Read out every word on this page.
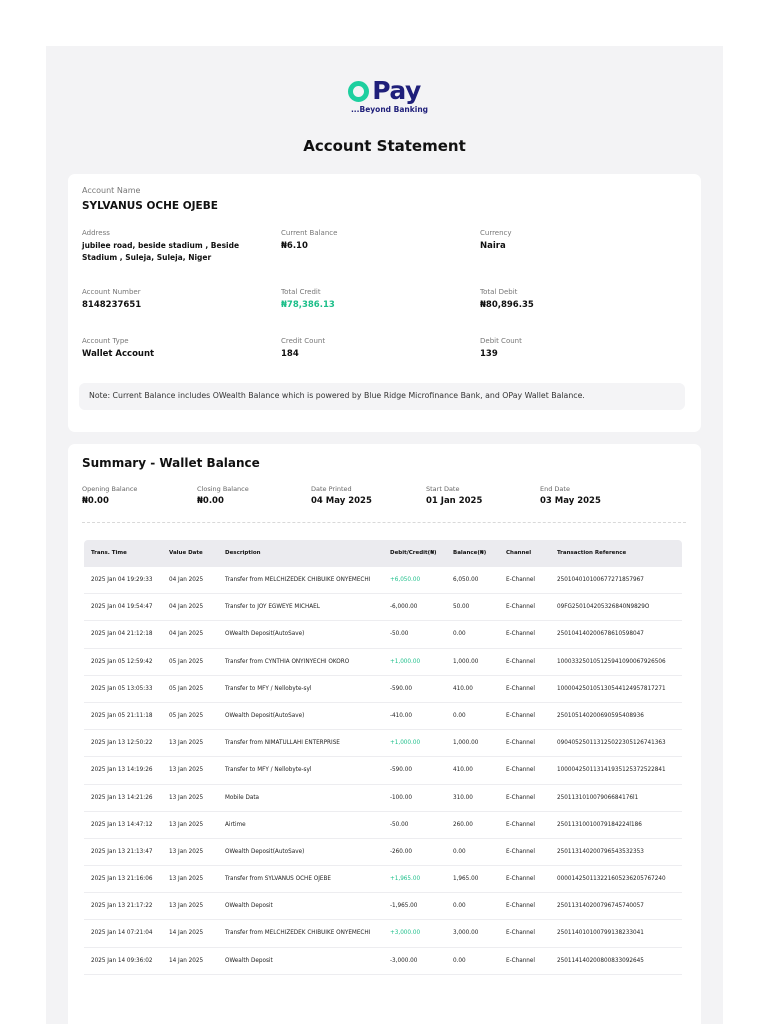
Pay
...Beyond Banking
Account Statement
Account Name
SYLVANUS OCHE OJEBE
Address
jubilee road, beside stadium , Beside Stadium , Suleja, Suleja, Niger
Current Balance
₦6.10
Currency
Naira
Account Number
8148237651
Total Credit
₦78,386.13
Total Debit
₦80,896.35
Account Type
Wallet Account
Credit Count
184
Debit Count
139
Note: Current Balance includes OWealth Balance which is powered by Blue Ridge Microfinance Bank, and OPay Wallet Balance.
Summary - Wallet Balance
Opening Balance
₦0.00
Closing Balance
₦0.00
Date Printed
04 May 2025
Start Date
01 Jan 2025
End Date
03 May 2025
Trans. Time	Value Date	Description	Debit/Credit(₦)	Balance(₦)	Channel	Transaction Reference
2025 Jan 04 19:29:33	04 Jan 2025	Transfer from MELCHIZEDEK CHIBUIKE ONYEMECHI	+6,050.00	6,050.00	E-Channel	250104010100677271857967
2025 Jan 04 19:54:47	04 Jan 2025	Transfer to JOY EGWEYE MICHAEL	-6,000.00	50.00	E-Channel	09FG250104205326840N9829O
2025 Jan 04 21:12:18	04 Jan 2025	OWealth Deposit(AutoSave)	-50.00	0.00	E-Channel	250104140200678610598047
2025 Jan 05 12:59:42	05 Jan 2025	Transfer from CYNTHIA ONYINYECHI OKORO	+1,000.00	1,000.00	E-Channel	100033250105125941090067926506
2025 Jan 05 13:05:33	05 Jan 2025	Transfer to MFY / Nellobyte-syl	-590.00	410.00	E-Channel	100004250105130544124957817271
2025 Jan 05 21:11:18	05 Jan 2025	OWealth Deposit(AutoSave)	-410.00	0.00	E-Channel	250105140200690595408936
2025 Jan 13 12:50:22	13 Jan 2025	Transfer from NIMATULLAHI ENTERPRISE	+1,000.00	1,000.00	E-Channel	090405250113125022305126741363
2025 Jan 13 14:19:26	13 Jan 2025	Transfer to MFY / Nellobyte-syl	-590.00	410.00	E-Channel	100004250113141935125372522841
2025 Jan 13 14:21:26	13 Jan 2025	Mobile Data	-100.00	310.00	E-Channel	250113101007906684176l1
2025 Jan 13 14:47:12	13 Jan 2025	Airtime	-50.00	260.00	E-Channel	25011310010079184224l186
2025 Jan 13 21:13:47	13 Jan 2025	OWealth Deposit(AutoSave)	-260.00	0.00	E-Channel	250113140200796543532353
2025 Jan 13 21:16:06	13 Jan 2025	Transfer from SYLVANUS OCHE OJEBE	+1,965.00	1,965.00	E-Channel	000014250113221605236205767240
2025 Jan 13 21:17:22	13 Jan 2025	OWealth Deposit	-1,965.00	0.00	E-Channel	250113140200796745740057
2025 Jan 14 07:21:04	14 Jan 2025	Transfer from MELCHIZEDEK CHIBUIKE ONYEMECHI	+3,000.00	3,000.00	E-Channel	250114010100799138233041
2025 Jan 14 09:36:02	14 Jan 2025	OWealth Deposit	-3,000.00	0.00	E-Channel	250114140200800833092645
